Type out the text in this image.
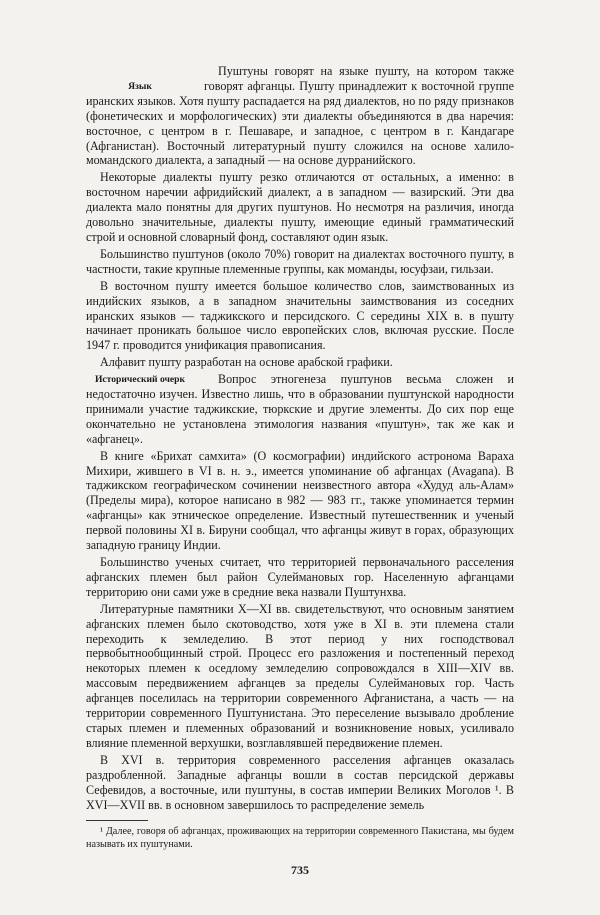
Язык
Пуштуны говорят на языке пушту, на котором также говорят афганцы. Пушту принадлежит к восточной группе иранских языков. Хотя пушту распадается на ряд диалектов, но по ряду признаков (фонетических и морфологических) эти диалекты объединяются в два наречия: восточное, с центром в г. Пешаваре, и западное, с центром в г. Кандагаре (Афганистан). Восточный литературный пушту сложился на основе халило-момандского диалекта, а западный — на основе дурранийского.

Некоторые диалекты пушту резко отличаются от остальных, а именно: в восточном наречии афридийский диалект, а в западном — вазирский. Эти два диалекта мало понятны для других пуштунов. Но несмотря на различия, иногда довольно значительные, диалекты пушту, имеющие единый грамматический строй и основной словарный фонд, составляют один язык.

Большинство пуштунов (около 70%) говорит на диалектах восточного пушту, в частности, такие крупные племенные группы, как моманды, юсуфзаи, гильзаи.

В восточном пушту имеется большое количество слов, заимствованных из индийских языков, а в западном значительны заимствования из соседних иранских языков — таджикского и персидского. С середины XIX в. в пушту начинает проникать большое число европейских слов, включая русские. После 1947 г. проводится унификация правописания.

Алфавит пушту разработан на основе арабской графики.

Исторический очерк	Вопрос этногенеза пуштунов весьма сложен и недостаточно изучен. Известно лишь, что в образовании пуштунской народности принимали участие таджикские, тюркские и другие элементы. До сих пор еще окончательно не установлена этимология названия «пуштун», так же как и «афганец».

В книге «Брихат самхита» (О космографии) индийского астронома Вараха Михири, жившего в VI в. н. э., имеется упоминание об афганцах (Avagana). В таджикском географическом сочинении неизвестного автора «Худуд аль-Алам» (Пределы мира), которое написано в 982 — 983 гг., также упоминается термин «афганцы» как этническое определение. Известный путешественник и ученый первой половины XI в. Бируни сообщал, что афганцы живут в горах, образующих западную границу Индии.

Большинство ученых считает, что территорией первоначального расселения афганских племен был район Сулеймановых гор. Населенную афганцами территорию они сами уже в средние века назвали Пуштунхва.

Литературные памятники X—XI вв. свидетельствуют, что основным занятием афганских племен было скотоводство, хотя уже в XI в. эти племена стали переходить к земледелию. В этот период у них господствовал первобытнообщинный строй. Процесс его разложения и постепенный переход некоторых племен к оседлому земледелию сопровождался в XIII—XIV вв. массовым передвижением афганцев за пределы Сулеймановых гор. Часть афганцев поселилась на территории современного Афганистана, а часть — на территории современного Пуштунистана. Это переселение вызывало дробление старых племен и племенных образований и возникновение новых, усиливало влияние племенной верхушки, возглавлявшей передвижение племен.

В XVI в. территория современного расселения афганцев оказалась раздробленной. Западные афганцы вошли в состав персидской державы Сефевидов, а восточные, или пуштуны, в состав империи Великих Моголов ¹. В XVI—XVII вв. в основном завершилось то распределение земель

¹ Далее, говоря об афганцах, проживающих на территории современного Пакистана, мы будем называть их пуштунами.

735
